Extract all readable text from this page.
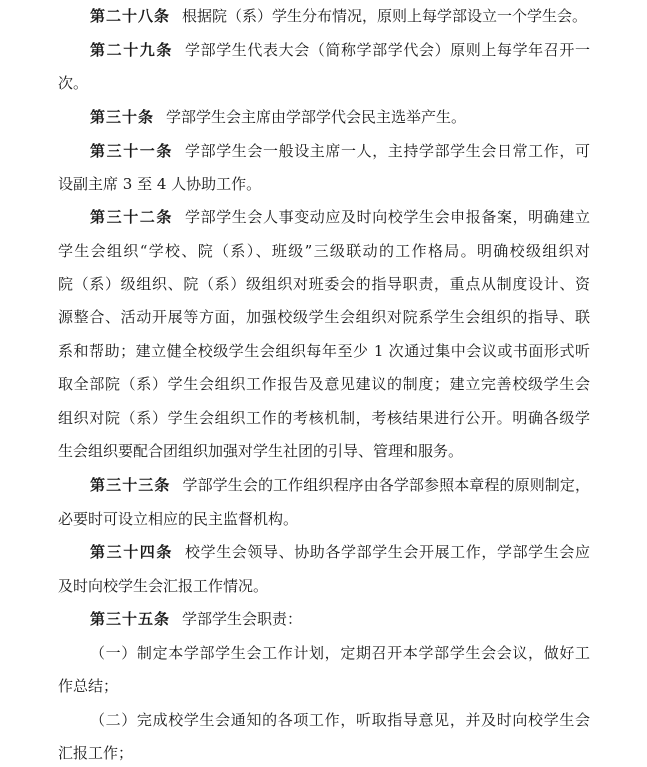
第二十八条 根据院（系）学生分布情况，原则上每学部设立一个学生会。
第二十九条 学部学生代表大会（简称学部学代会）原则上每学年召开一
次。
第三十条 学部学生会主席由学部学代会民主选举产生。
第三十一条 学部学生会一般设主席一人，主持学部学生会日常工作，可
设副主席 3 至 4 人协助工作。
第三十二条 学部学生会人事变动应及时向校学生会申报备案，明确建立
学生会组织“学校、院（系）、班级”三级联动的工作格局。明确校级组织对
院（系）级组织、院（系）级组织对班委会的指导职责，重点从制度设计、资
源整合、活动开展等方面，加强校级学生会组织对院系学生会组织的指导、联
系和帮助；建立健全校级学生会组织每年至少 1 次通过集中会议或书面形式听
取全部院（系）学生会组织工作报告及意见建议的制度；建立完善校级学生会
组织对院（系）学生会组织工作的考核机制，考核结果进行公开。明确各级学
生会组织要配合团组织加强对学生社团的引导、管理和服务。
第三十三条 学部学生会的工作组织程序由各学部参照本章程的原则制定，
必要时可设立相应的民主监督机构。
第三十四条 校学生会领导、协助各学部学生会开展工作，学部学生会应
及时向校学生会汇报工作情况。
第三十五条 学部学生会职责：
（一）制定本学部学生会工作计划，定期召开本学部学生会会议，做好工
作总结；
（二）完成校学生会通知的各项工作，听取指导意见，并及时向校学生会
汇报工作；
